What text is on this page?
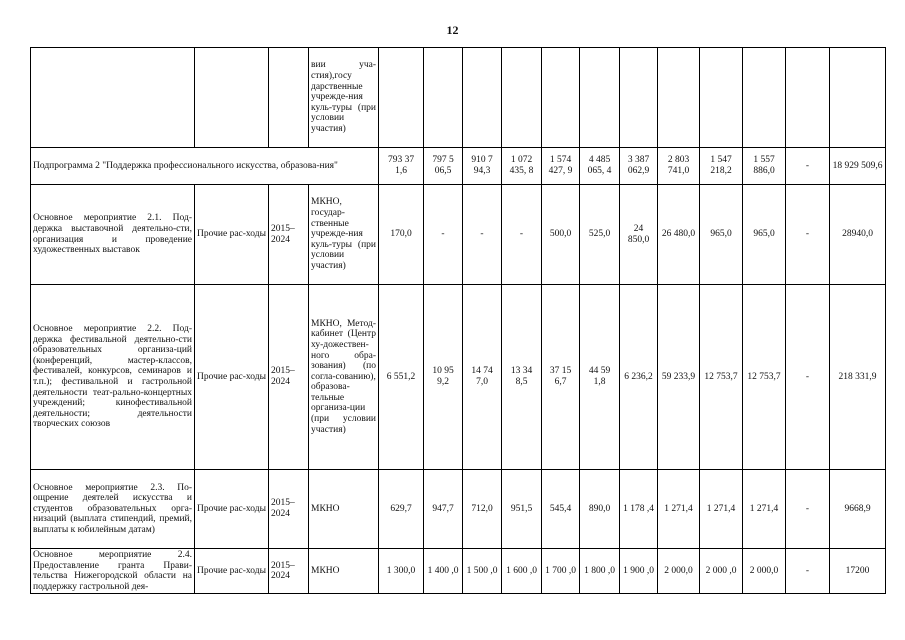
12
			вии уча-стия),госу дарственные учрежде-ния куль-туры (при условии участия)												
Подпрограмма 2 "Поддержка профессионального искусства, образова-ния"				793 37 1,6	797 5 06,5	910 7 94,3	1 072 435, 8	1 574 427, 9	4 485 065, 4	3 387 062,9	2 803 741,0	1 547 218,2	1 557 886,0	-	18 929 509,6
Основное мероприятие 2.1. Под-держка выставочной деятельно-сти, организация и проведение художественных выставок	Прочие рас-ходы	2015–2024	МКНО, государ-ственные учрежде-ния куль-туры (при условии участия)	170,0	-	-	-	500,0	525,0	24 850,0	26 480,0	965,0	965,0	-	28940,0
Основное мероприятие 2.2. Под-держка фестивальной деятельно-сти образовательных организа-ций (конференций, мастер-классов, фестивалей, конкурсов, семинаров и т.п.); фестивальной и гастрольной деятельности теат-рально-концертных учреждений; кинофестивальной деятельности; деятельности творческих союзов	Прочие рас-ходы	2015–2024	МКНО, Метод-кабинет (Центр ху-дожествен-ного обра-зования) (по согла-сованию), образова-тельные организа-ции (при условии участия)	6 551,2	10 95 9,2	14 74 7,0	13 34 8,5	37 15 6,7	44 59 1,8	6 236,2	59 233,9	12 753,7	12 753,7	-	218 331,9
Основное мероприятие 2.3. По-ощрение деятелей искусства и студентов образовательных орга-низаций (выплата стипендий, премий, выплаты к юбилейным датам)	Прочие рас-ходы	2015–2024	МКНО	629,7	947,7	712,0	951,5	545,4	890,0	1 178 ,4	1 271,4	1 271,4	1 271,4	-	9668,9
Основное мероприятие 2.4. Предоставление гранта Прави-тельства Нижегородской области на поддержку гастрольной дея-	Прочие рас-ходы	2015–2024	МКНО	1 300,0	1 400 ,0	1 500 ,0	1 600 ,0	1 700 ,0	1 800 ,0	1 900 ,0	2 000,0	2 000 ,0	2 000,0	-	17200
